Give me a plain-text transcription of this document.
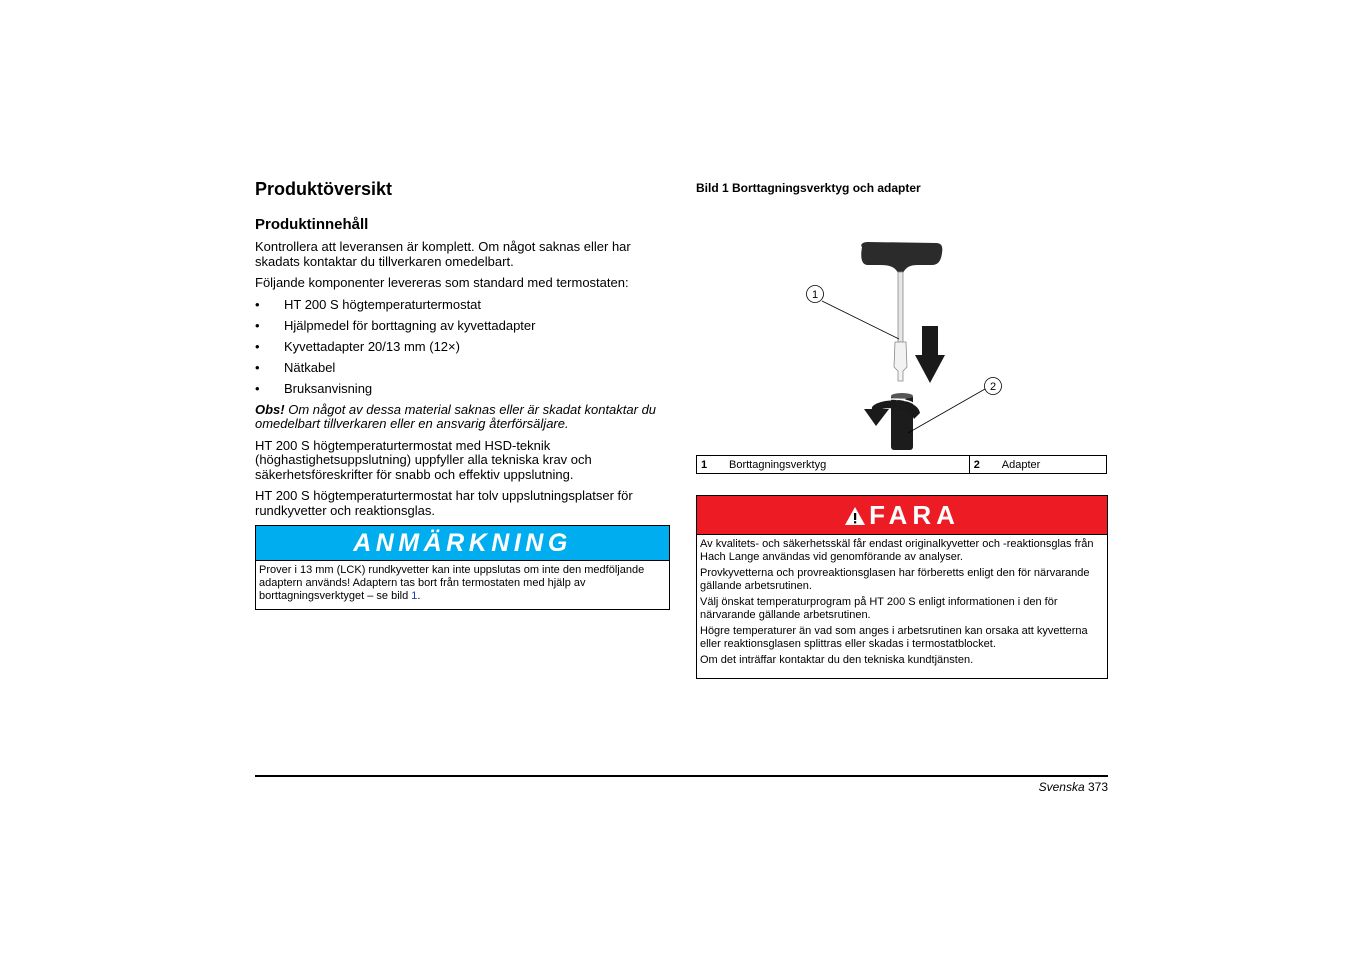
Produktöversikt
Produktinnehåll

Kontrollera att leveransen är komplett. Om något saknas eller har skadats kontaktar du tillverkaren omedelbart.

Följande komponenter levereras som standard med termostaten:

• HT 200 S högtemperaturtermostat
• Hjälpmedel för borttagning av kyvettadapter
• Kyvettadapter 20/13 mm (12×)
• Nätkabel
• Bruksanvisning

Obs! Om något av dessa material saknas eller är skadat kontaktar du omedelbart tillverkaren eller en ansvarig återförsäljare.

HT 200 S högtemperaturtermostat med HSD-teknik (höghastighetsuppslutning) uppfyller alla tekniska krav och säkerhetsföreskrifter för snabb och effektiv uppslutning.

HT 200 S högtemperaturtermostat har tolv uppslutningsplatser för rundkyvetter och reaktionsglas.

ANMÄRKNING
Prover i 13 mm (LCK) rundkyvetter kan inte uppslutas om inte den medföljande adaptern används! Adaptern tas bort från termostaten med hjälp av borttagningsverktyget – se bild 1.
Bild 1 Borttagningsverktyg och adapter
1
2
1	Borttagningsverktyg	2	Adapter
FARA

Av kvalitets- och säkerhetsskäl får endast originalkyvetter och -reaktionsglas från Hach Lange användas vid genomförande av analyser.

Provkyvetterna och provreaktionsglasen har förberetts enligt den för närvarande gällande arbetsrutinen.

Välj önskat temperaturprogram på HT 200 S enligt informationen i den för närvarande gällande arbetsrutinen.

Högre temperaturer än vad som anges i arbetsrutinen kan orsaka att kyvetterna eller reaktionsglasen splittras eller skadas i termostatblocket.

Om det inträffar kontaktar du den tekniska kundtjänsten.

Svenska 373
